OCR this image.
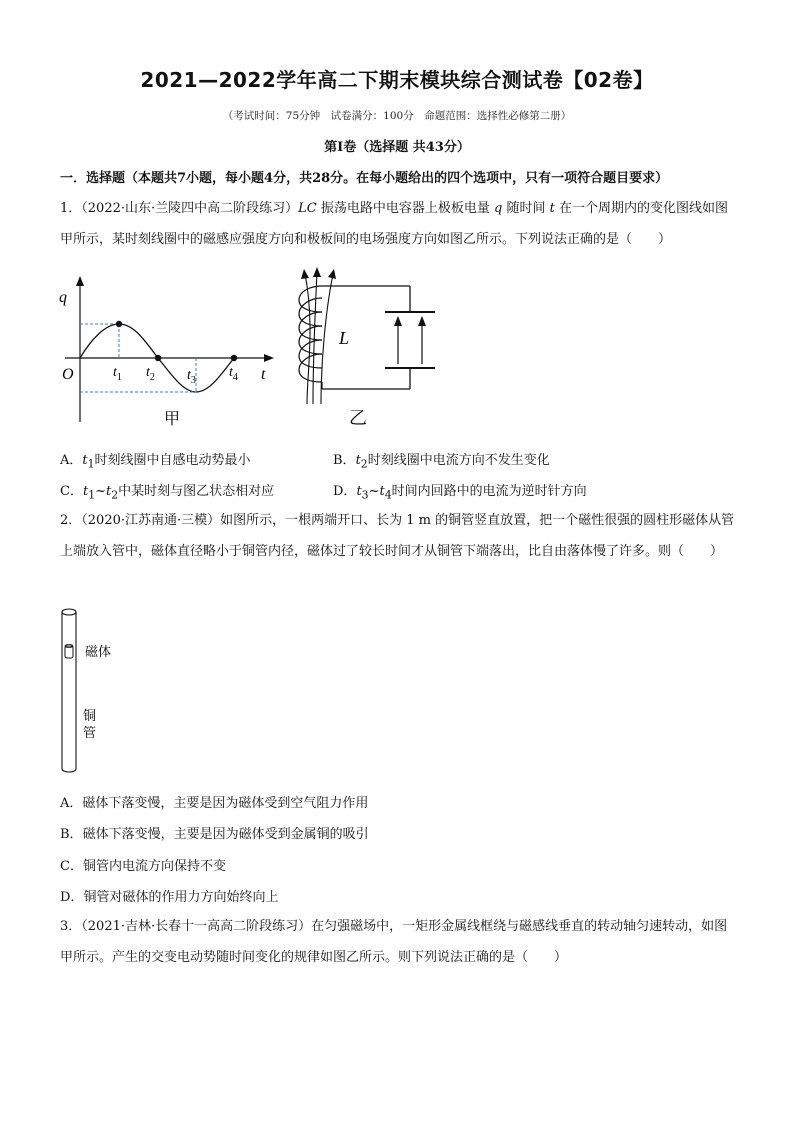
2021—2022学年高二下期末模块综合测试卷【02卷】
（考试时间：75分钟　试卷满分：100分　命题范围：选择性必修第二册）
第Ⅰ卷（选择题 共43分）
一．选择题（本题共7小题，每小题4分，共28分。在每小题给出的四个选项中，只有一项符合题目要求）
1．（2022·山东·兰陵四中高二阶段练习）LC 振荡电路中电容器上极板电量 q 随时间 t 在一个周期内的变化图线如图甲所示，某时刻线圈中的磁感应强度方向和极板间的电场强度方向如图乙所示。下列说法正确的是（　　）
q
O	t
$t_1$ $t_2$ $t_3$
$t_4$
甲
L
乙
A．$t_1$时刻线圈中自感电动势最小	B．$t_2$时刻线圈中电流方向不发生变化
C．$t_1\sim t_2$中某时刻与图乙状态相对应	D．$t_3\sim t_4$时间内回路中的电流为逆时针方向
2．（2020·江苏南通·三模）如图所示，一根两端开口、长为 1 m 的铜管竖直放置，把一个磁性很强的圆柱形磁体从管上端放入管中，磁体直径略小于铜管内径，磁体过了较长时间才从铜管下端落出，比自由落体慢了许多。则（　　）
磁体
铜
管
A．磁体下落变慢，主要是因为磁体受到空气阻力作用
B．磁体下落变慢，主要是因为磁体受到金属铜的吸引
C．铜管内电流方向保持不变
D．铜管对磁体的作用力方向始终向上
3．（2021·吉林·长春十一高高二阶段练习）在匀强磁场中，一矩形金属线框绕与磁感线垂直的转动轴匀速转动，如图甲所示。产生的交变电动势随时间变化的规律如图乙所示。则下列说法正确的是（　　）
